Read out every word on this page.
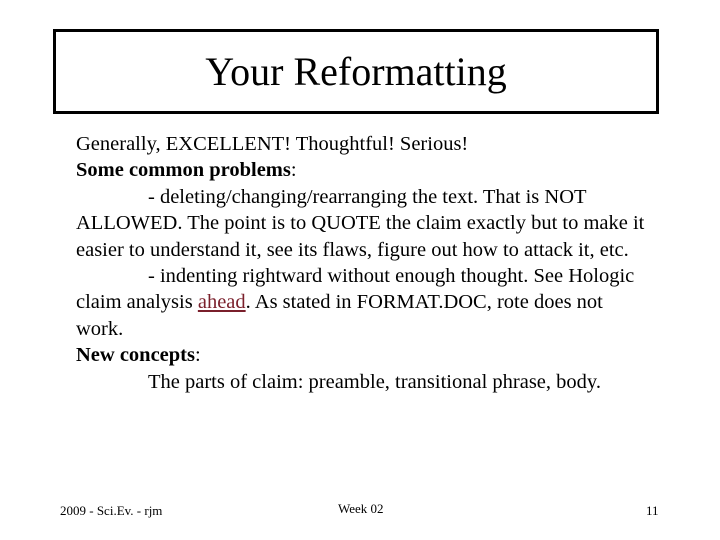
Your Reformatting

Generally, EXCELLENT! Thoughtful! Serious!

Some common problems:

- deleting/changing/rearranging the text. That is NOT ALLOWED. The point is to QUOTE the claim exactly but to make it easier to understand it, see its flaws, figure out how to attack it, etc.

- indenting rightward without enough thought. See Hologic claim analysis ahead. As stated in FORMAT.DOC, rote does not work.

New concepts:

The parts of claim: preamble, transitional phrase, body.

2009 - Sci.Ev. - rjm	Week 02	11
